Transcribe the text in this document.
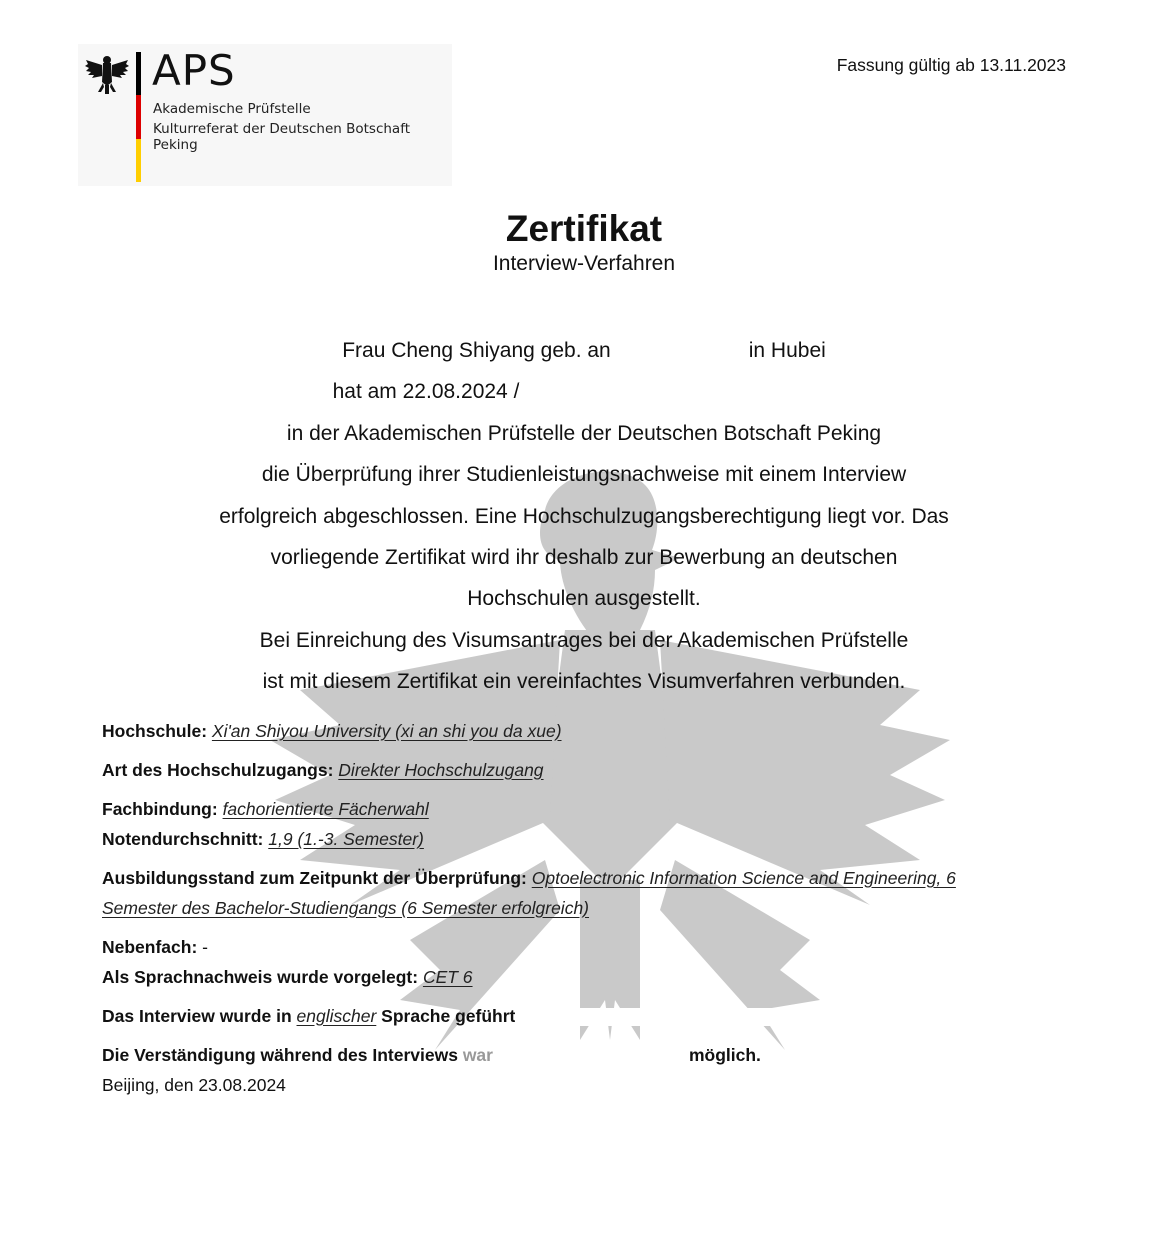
APS
Akademische Prüfstelle
Kulturreferat der Deutschen Botschaft Peking
Fassung gültig ab 13.11.2023
Zertifikat
Interview-Verfahren
Frau Cheng Shiyang geb. an	in Hubei
hat am 22.08.2024 /
in der Akademischen Prüfstelle der Deutschen Botschaft Peking
die Überprüfung ihrer Studienleistungsnachweise mit einem Interview
erfolgreich abgeschlossen. Eine Hochschulzugangsberechtigung liegt vor. Das
vorliegende Zertifikat wird ihr deshalb zur Bewerbung an deutschen
Hochschulen ausgestellt.
Bei Einreichung des Visumsantrages bei der Akademischen Prüfstelle
ist mit diesem Zertifikat ein vereinfachtes Visumverfahren verbunden.
Hochschule: Xi'an Shiyou University (xi an shi you da xue)
Art des Hochschulzugangs: Direkter Hochschulzugang
Fachbindung: fachorientierte Fächerwahl
Notendurchschnitt: 1,9 (1.-3. Semester)
Ausbildungsstand zum Zeitpunkt der Überprüfung: Optoelectronic Information Science and Engineering, 6
Semester des Bachelor-Studiengangs (6 Semester erfolgreich)
Nebenfach: -
Als Sprachnachweis wurde vorgelegt: CET 6
Das Interview wurde in englischer Sprache geführt
Die Verständigung während des Interviews war	möglich.
Beijing, den 23.08.2024
